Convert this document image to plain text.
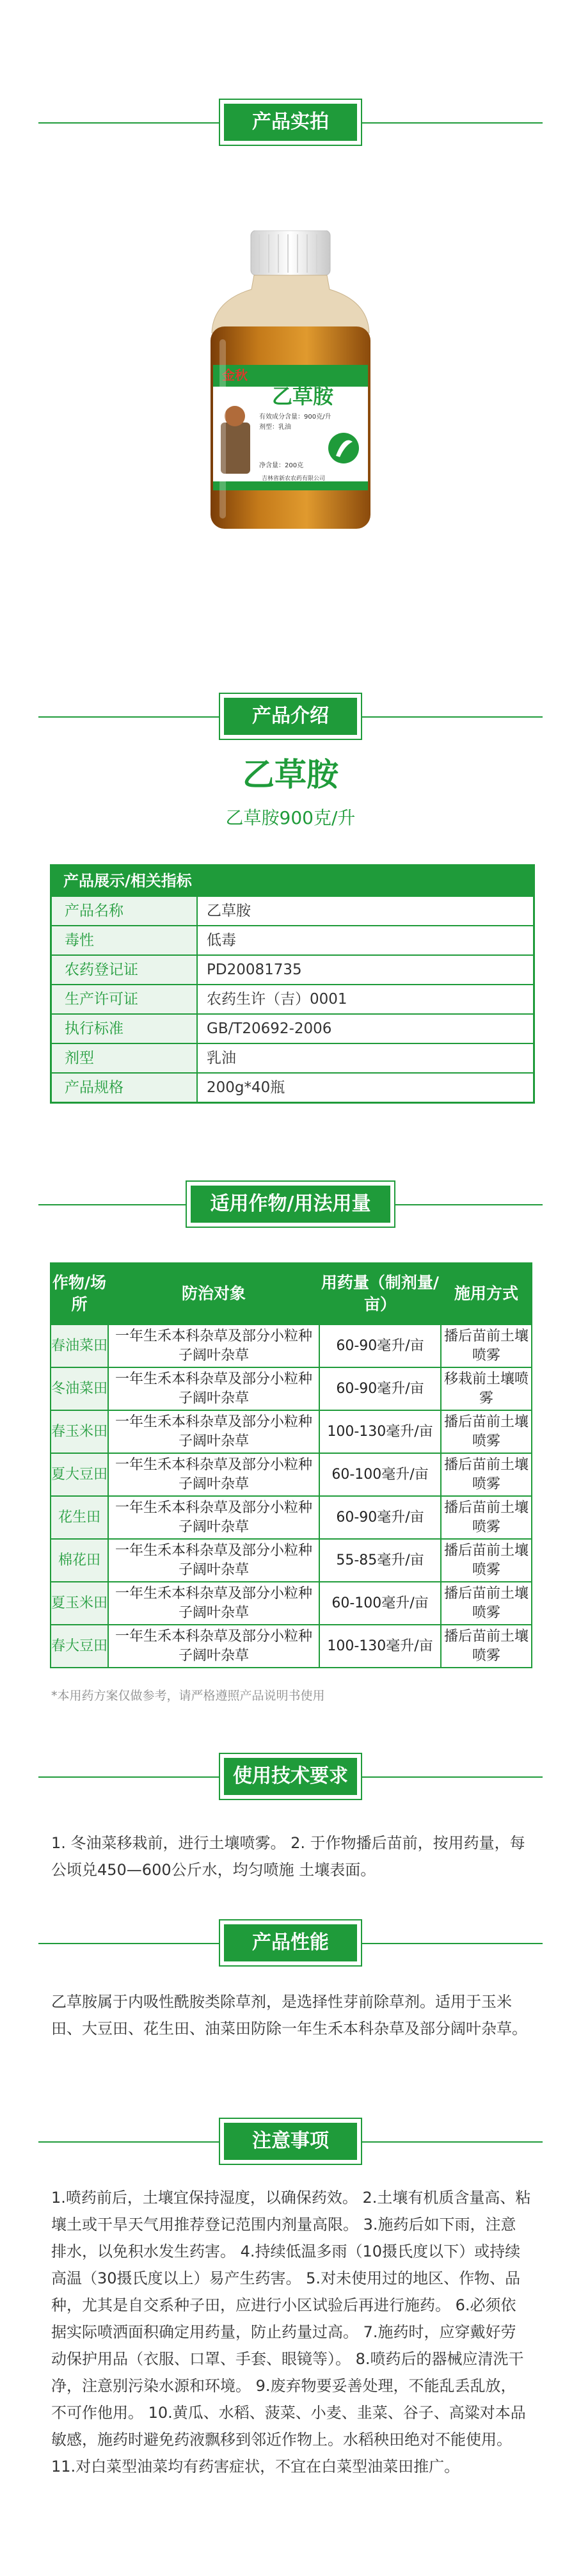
产品实拍
金秋
乙草胺
有效成分含量：900克/升
剂型：乳油
净含量：200克
吉林省新农农药有限公司
产品介绍
乙草胺
乙草胺900克/升
产品展示/相关指标
产品名称	乙草胺
毒性	低毒
农药登记证	PD20081735
生产许可证	农药生许（吉）0001
执行标准	GB/T20692-2006
剂型	乳油
产品规格	200g*40瓶
适用作物/用法用量
作物/场所	防治对象	用药量（制剂量/亩）	施用方式
春油菜田	一年生禾本科杂草及部分小粒种子阔叶杂草	60-90毫升/亩	播后苗前土壤喷雾
冬油菜田	一年生禾本科杂草及部分小粒种子阔叶杂草	60-90毫升/亩	移栽前土壤喷雾
春玉米田	一年生禾本科杂草及部分小粒种子阔叶杂草	100-130毫升/亩	播后苗前土壤喷雾
夏大豆田	一年生禾本科杂草及部分小粒种子阔叶杂草	60-100毫升/亩	播后苗前土壤喷雾
花生田	一年生禾本科杂草及部分小粒种子阔叶杂草	60-90毫升/亩	播后苗前土壤喷雾
棉花田	一年生禾本科杂草及部分小粒种子阔叶杂草	55-85毫升/亩	播后苗前土壤喷雾
夏玉米田	一年生禾本科杂草及部分小粒种子阔叶杂草	60-100毫升/亩	播后苗前土壤喷雾
春大豆田	一年生禾本科杂草及部分小粒种子阔叶杂草	100-130毫升/亩	播后苗前土壤喷雾
*本用药方案仅做参考，请严格遵照产品说明书使用
使用技术要求
1. 冬油菜移栽前，进行土壤喷雾。 2. 于作物播后苗前，按用药量，每公顷兑450—600公斤水，均匀喷施 土壤表面。
产品性能
乙草胺属于内吸性酰胺类除草剂，是选择性芽前除草剂。适用于玉米田、大豆田、花生田、油菜田防除一年生禾本科杂草及部分阔叶杂草。
注意事项
1.喷药前后，土壤宜保持湿度，以确保药效。 2.土壤有机质含量高、粘壤土或干旱天气用推荐登记范围内剂量高限。 3.施药后如下雨，注意排水，以免积水发生药害。 4.持续低温多雨（10摄氏度以下）或持续高温（30摄氏度以上）易产生药害。 5.对未使用过的地区、作物、品种，尤其是自交系种子田，应进行小区试验后再进行施药。 6.必须依据实际喷洒面积确定用药量，防止药量过高。 7.施药时，应穿戴好劳动保护用品（衣服、口罩、手套、眼镜等）。 8.喷药后的器械应清洗干净，注意别污染水源和环境。 9.废弃物要妥善处理，不能乱丢乱放，不可作他用。 10.黄瓜、水稻、菠菜、小麦、韭菜、谷子、高粱对本品敏感，施药时避免药液飘移到邻近作物上。水稻秧田绝对不能使用。 11.对白菜型油菜均有药害症状，不宜在白菜型油菜田推广。
